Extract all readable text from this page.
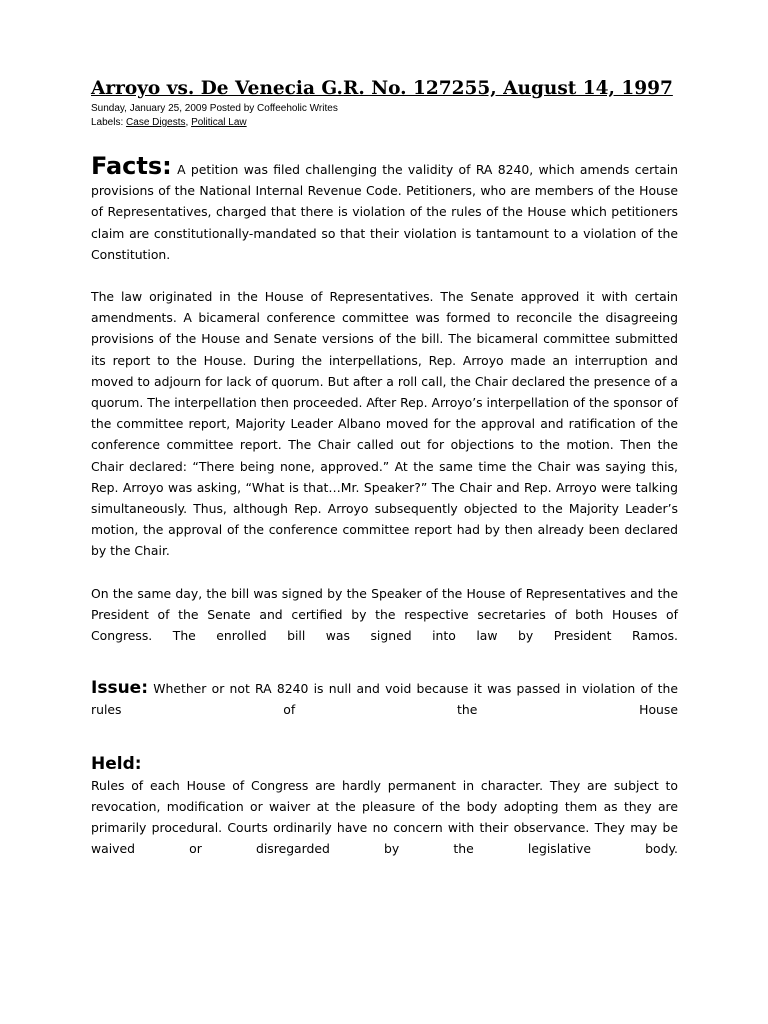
Arroyo vs. De Venecia G.R. No. 127255, August 14, 1997

Sunday, January 25, 2009 Posted by Coffeeholic Writes

Labels: Case Digests, Political Law

Facts: A petition was filed challenging the validity of RA 8240, which amends certain provisions of the National Internal Revenue Code. Petitioners, who are members of the House of Representatives, charged that there is violation of the rules of the House which petitioners claim are constitutionally-mandated so that their violation is tantamount to a violation of the Constitution.

The law originated in the House of Representatives. The Senate approved it with certain amendments. A bicameral conference committee was formed to reconcile the disagreeing provisions of the House and Senate versions of the bill. The bicameral committee submitted its report to the House. During the interpellations, Rep. Arroyo made an interruption and moved to adjourn for lack of quorum. But after a roll call, the Chair declared the presence of a quorum. The interpellation then proceeded. After Rep. Arroyo’s interpellation of the sponsor of the committee report, Majority Leader Albano moved for the approval and ratification of the conference committee report. The Chair called out for objections to the motion. Then the Chair declared: “There being none, approved.” At the same time the Chair was saying this, Rep. Arroyo was asking, “What is that…Mr. Speaker?” The Chair and Rep. Arroyo were talking simultaneously. Thus, although Rep. Arroyo subsequently objected to the Majority Leader’s motion, the approval of the conference committee report had by then already been declared by the Chair.

On the same day, the bill was signed by the Speaker of the House of Representatives and the President of the Senate and certified by the respective secretaries of both Houses of Congress. The enrolled bill was signed into law by President Ramos.

Issue: Whether or not RA 8240 is null and void because it was passed in violation of the rules of the House

Held:

Rules of each House of Congress are hardly permanent in character. They are subject to revocation, modification or waiver at the pleasure of the body adopting them as they are primarily procedural. Courts ordinarily have no concern with their observance. They may be waived or disregarded by the legislative body.
